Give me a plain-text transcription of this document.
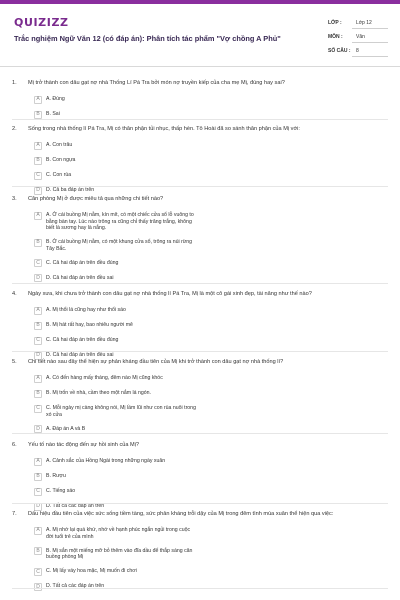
QUIZIZZ
Trắc nghiệm Ngữ Văn 12 (có đáp án): Phân tích tác phẩm "Vợ chồng A Phủ"
LỚP :	Lớp 12
MÔN :	Văn
SỐ CÂU :	8
1.	Mị trở thành con dâu gạt nợ nhà Thống Lí Pá Tra bởi món nợ truyền kiếp của cha mẹ Mị, đúng hay sai?
A	A. Đúng
B	B. Sai
2.	Sống trong nhà thống lí Pá Tra, Mị có thân phận tủi nhục, thấp hèn. Tô Hoài đã so sánh thân phận của Mị với:
A	A. Con trâu
B	B. Con ngựa
C	C. Con rùa
D	D. Cả ba đáp án trên
3.	Căn phòng Mị ở được miêu tả qua những chi tiết nào?
A	A. Ở cái buồng Mị nằm, kín mít, có một chiếc cửa sổ lỗ vuông to bằng bàn tay. Lúc nào trông ra cũng chỉ thấy trăng trắng, không biết là sương hay là nắng.
B	B. Ở cái buồng Mị nằm, có một khung cửa sổ, trông ra núi rừng Tây Bắc.
C	C. Cả hai đáp án trên đều đúng
D	D. Cả hai đáp án trên đều sai
4.	Ngày xưa, khi chưa trở thành con dâu gạt nợ nhà thống lí Pá Tra, Mị là một cô gái xinh đẹp, tài năng như thế nào?
A	A. Mị thổi lá cũng hay như thổi sáo
B	B. Mị hát rất hay, bao nhiêu người mê
C	C. Cả hai đáp án trên đều đúng
D	D. Cả hai đáp án trên đều sai
5.	Chi tiết nào sau đây thể hiện sự phản kháng đầu tiên của Mị khi trở thành con dâu gạt nợ nhà thống lí?
A	A. Có đến hàng mấy tháng, đêm nào Mị cũng khóc
B	B. Mị trốn về nhà, cầm theo một nắm lá ngón.
C	C. Mỗi ngày mị càng không nói, Mị lầm lũi như con rùa nuôi trong xó cửa
D	A. Đáp án A và B
6.	Yếu tố nào tác động đến sự hồi sinh của Mị?
A	A. Cảnh sắc của Hồng Ngài trong những ngày xuân
B	B. Rượu
C	C. Tiếng sáo
D	D. Tất cả các đáp án trên
7.	Dấu hiệu đầu tiên của việc sức sống tiềm tàng, sức phản kháng trỗi dậy của Mị trong đêm tình mùa xuân thể hiện qua việc:
A	A. Mị nhớ lại quá khứ, nhớ về hạnh phúc ngắn ngủi trong cuộc đời tuổi trẻ của mình
B	B. Mị sắn một miếng mỡ bỏ thêm vào đĩa dầu để thắp sáng căn buồng phòng Mị
C	C. Mị lấy váy hoa mặc, Mị muốn đi chơi
D	D. Tất cả các đáp án trên
